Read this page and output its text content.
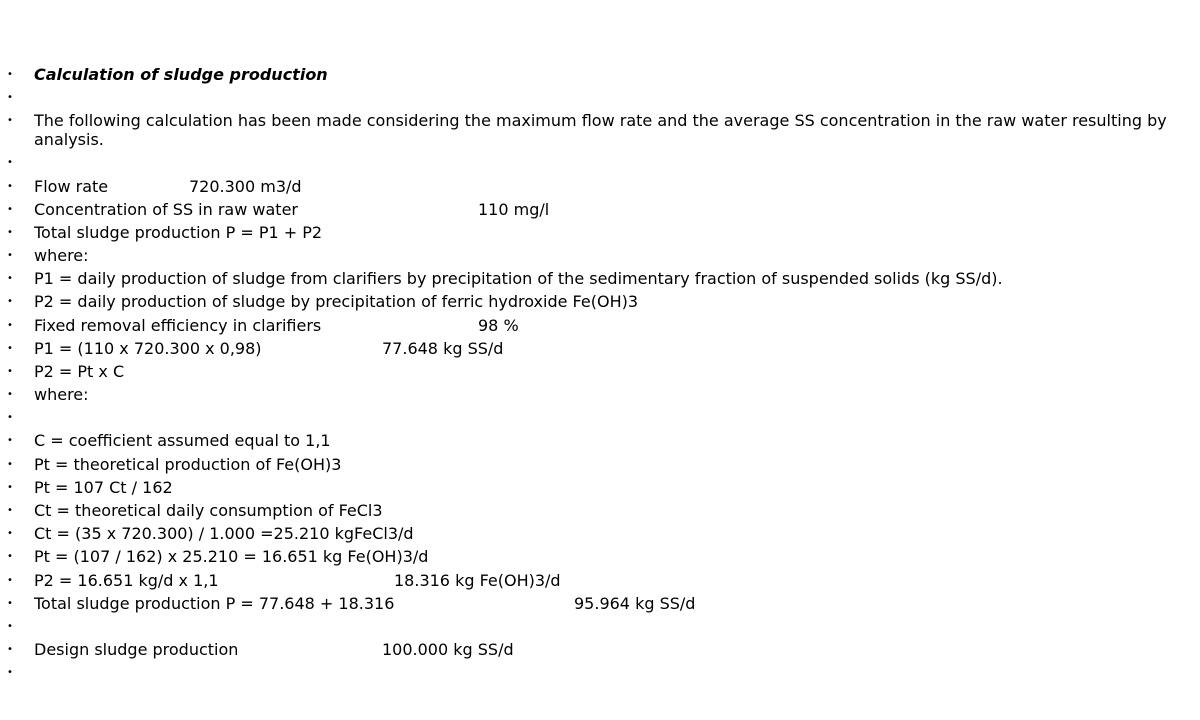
• Calculation of sludge production
•
• The following calculation has been made considering the maximum flow rate and the average SS concentration in the raw water resulting by analysis.
•
• Flow rate	720.300 m3/d
• Concentration of SS in raw water	110 mg/l
• Total sludge production P = P1 + P2
• where:
• P1 = daily production of sludge from clarifiers by precipitation of the sedimentary fraction of suspended solids (kg SS/d).
• P2 = daily production of sludge by precipitation of ferric hydroxide Fe(OH)3
• Fixed removal efficiency in clarifiers	98 %
• P1 = (110 x 720.300 x 0,98)	77.648 kg SS/d
• P2 = Pt x C
• where:
•
• C = coefficient assumed equal to 1,1
• Pt = theoretical production of Fe(OH)3
• Pt = 107 Ct / 162
• Ct = theoretical daily consumption of FeCl3
• Ct = (35 x 720.300) / 1.000 =25.210 kgFeCl3/d
• Pt = (107 / 162) x 25.210 = 16.651 kg Fe(OH)3/d
• P2 = 16.651 kg/d x 1,1	18.316 kg Fe(OH)3/d
• Total sludge production P = 77.648 + 18.316	95.964 kg SS/d
•
• Design sludge production	100.000 kg SS/d
•
